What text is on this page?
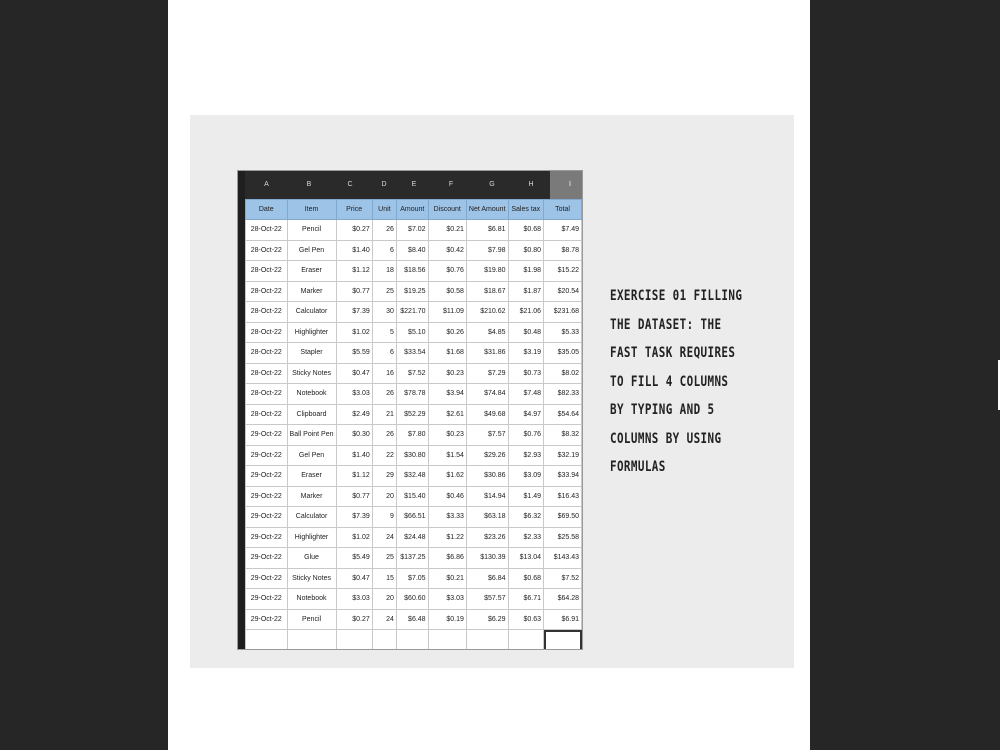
A	B	C	D	E	F	G	H	I
Date	Item	Price	Unit	Amount	Discount	Net Amount	Sales tax	Total
28-Oct-22	Pencil	$0.27	26	$7.02	$0.21	$6.81	$0.68	$7.49
28-Oct-22	Gel Pen	$1.40	6	$8.40	$0.42	$7.98	$0.80	$8.78
28-Oct-22	Eraser	$1.12	18	$18.56	$0.76	$19.80	$1.98	$15.22
28-Oct-22	Marker	$0.77	25	$19.25	$0.58	$18.67	$1.87	$20.54
28-Oct-22	Calculator	$7.39	30	$221.70	$11.09	$210.62	$21.06	$231.68
28-Oct-22	Highlighter	$1.02	5	$5.10	$0.26	$4.85	$0.48	$5.33
28-Oct-22	Stapler	$5.59	6	$33.54	$1.68	$31.86	$3.19	$35.05
28-Oct-22	Sticky Notes	$0.47	16	$7.52	$0.23	$7.29	$0.73	$8.02
28-Oct-22	Notebook	$3.03	26	$78.78	$3.94	$74.84	$7.48	$82.33
28-Oct-22	Clipboard	$2.49	21	$52.29	$2.61	$49.68	$4.97	$54.64
29-Oct-22	Ball Point Pen	$0.30	26	$7.80	$0.23	$7.57	$0.76	$8.32
29-Oct-22	Gel Pen	$1.40	22	$30.80	$1.54	$29.26	$2.93	$32.19
29-Oct-22	Eraser	$1.12	29	$32.48	$1.62	$30.86	$3.09	$33.94
29-Oct-22	Marker	$0.77	20	$15.40	$0.46	$14.94	$1.49	$16.43
29-Oct-22	Calculator	$7.39	9	$66.51	$3.33	$63.18	$6.32	$69.50
29-Oct-22	Highlighter	$1.02	24	$24.48	$1.22	$23.26	$2.33	$25.58
29-Oct-22	Glue	$5.49	25	$137.25	$6.86	$130.39	$13.04	$143.43
29-Oct-22	Sticky Notes	$0.47	15	$7.05	$0.21	$6.84	$0.68	$7.52
29-Oct-22	Notebook	$3.03	20	$60.60	$3.03	$57.57	$6.71	$64.28
29-Oct-22	Pencil	$0.27	24	$6.48	$0.19	$6.29	$0.63	$6.91

EXERCISE 01 FILLING
THE DATASET: THE
FAST TASK REQUIRES
TO FILL 4 COLUMNS
BY TYPING AND 5
COLUMNS BY USING
FORMULAS
